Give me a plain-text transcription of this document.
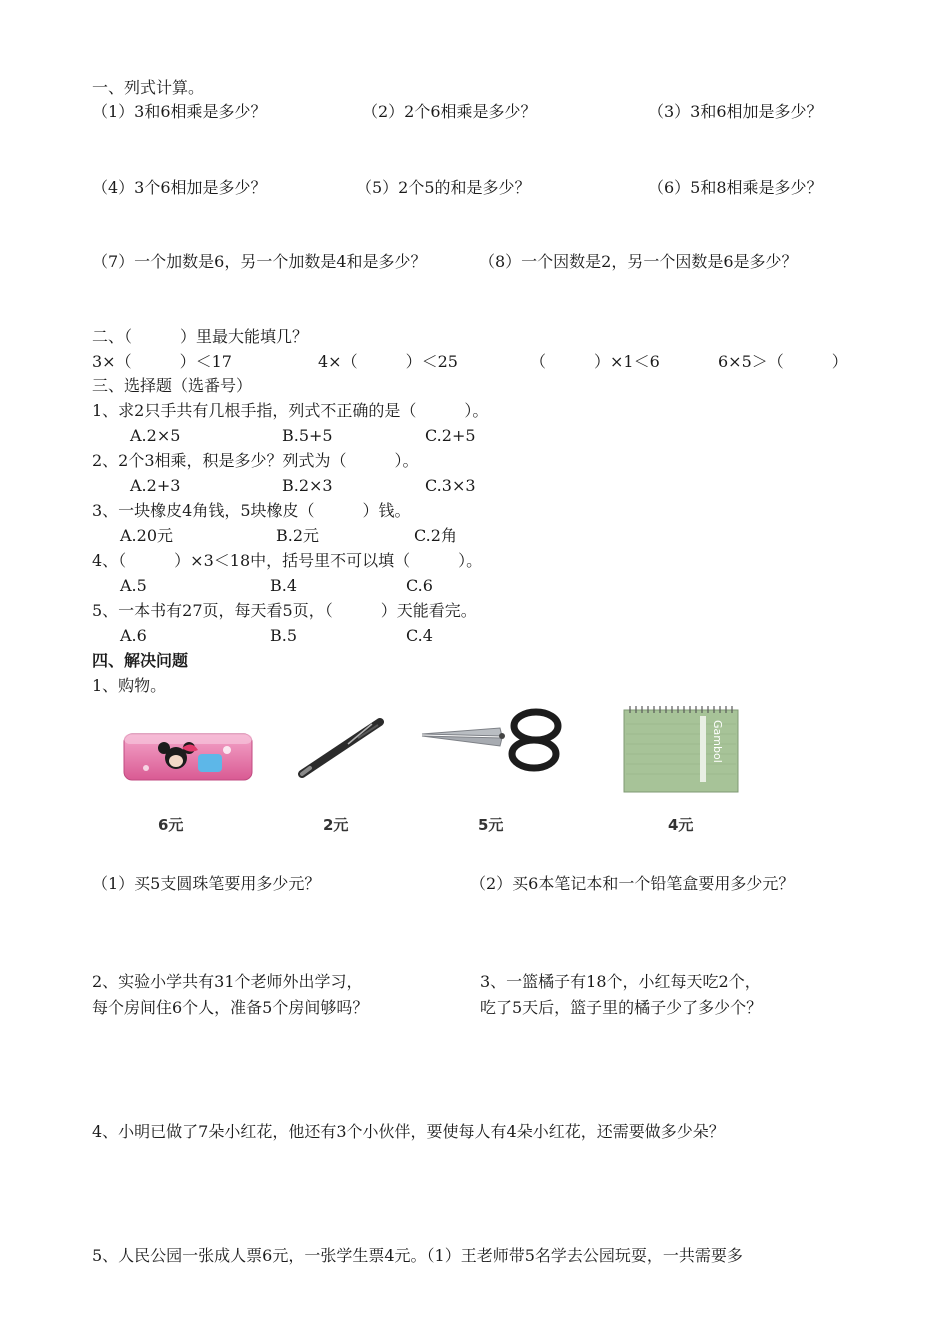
一、列式计算。
（1）3和6相乘是多少？	（2）2个6相乘是多少？	（3）3和6相加是多少？
（4）3个6相加是多少？	（5）2个5的和是多少？	（6）5和8相乘是多少？
（7）一个加数是6，另一个加数是4和是多少？	（8）一个因数是2，另一个因数是6是多少？
二、（　　　）里最大能填几？
3×（　　　）＜17	4×（　　　）＜25	（　　　）×1＜6	6×5＞（　　　）
三、选择题（选番号）
1、求2只手共有几根手指，列式不正确的是（　　　）。
A.2×5	B.5+5	C.2+5
2、2个3相乘，积是多少？列式为（　　　）。
A.2+3	B.2×3	C.3×3
3、一块橡皮4角钱，5块橡皮（　　　）钱。
A.20元	B.2元	C.2角
4、（　　　）×3＜18中，括号里不可以填（　　　）。
A.5	B.4	C.6
5、一本书有27页，每天看5页，（　　　）天能看完。
A.6	B.5	C.4
四、解决问题
1、购物。
6元	2元	5元
Gambol
4元
（1）买5支圆珠笔要用多少元？	（2）买6本笔记本和一个铅笔盒要用多少元？
2、实验小学共有31个老师外出学习，
每个房间住6个人，准备5个房间够吗？
3、一篮橘子有18个，小红每天吃2个，
吃了5天后，篮子里的橘子少了多少个？
4、小明已做了7朵小红花，他还有3个小伙伴，要使每人有4朵小红花，还需要做多少朵？
5、人民公园一张成人票6元，一张学生票4元。（1）王老师带5名学去公园玩耍，一共需要多
